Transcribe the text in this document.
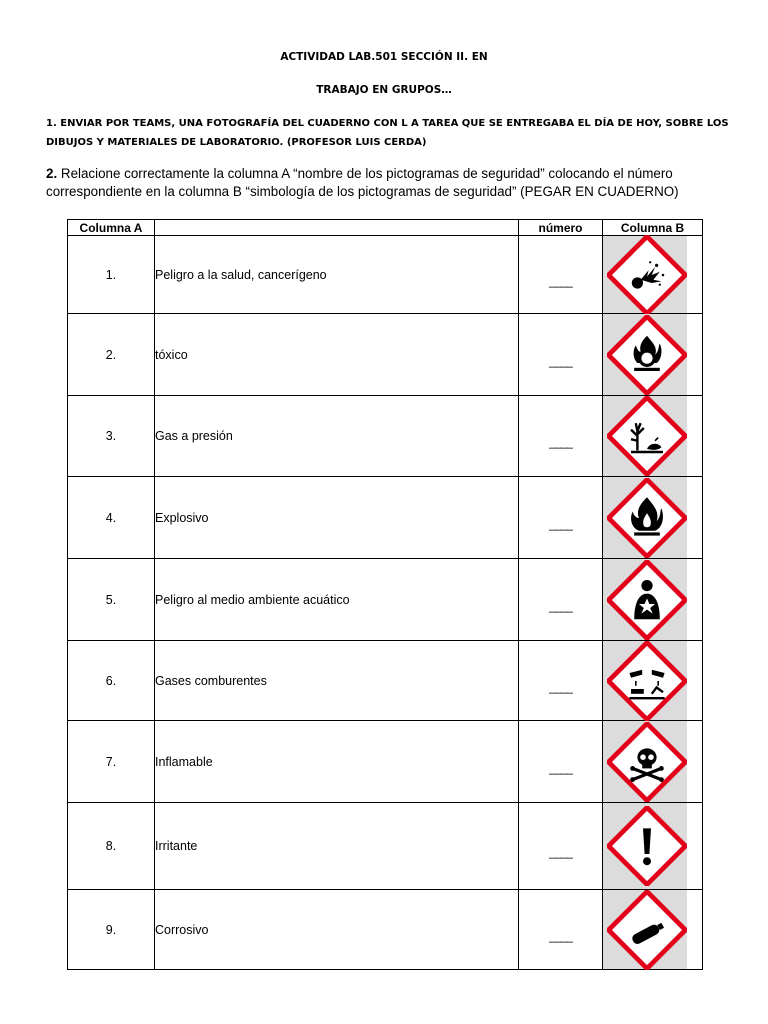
ACTIVIDAD LAB.501 SECCIÓN II. EN
TRABAJO EN GRUPOS…
1. ENVIAR POR TEAMS, UNA FOTOGRAFÍA DEL CUADERNO CON L A TAREA QUE SE ENTREGABA EL DÍA DE HOY, SOBRE LOS DIBUJOS Y MATERIALES DE LABORATORIO. (PROFESOR LUIS CERDA)
2. Relacione correctamente la columna A “nombre de los pictogramas de seguridad” colocando el número correspondiente en la columna B “simbología de los pictogramas de seguridad” (PEGAR EN CUADERNO)
Columna A		número	Columna B
1.	Peligro a la salud, cancerígeno	____	

2.	tóxico	____	

3.	Gas a presión	____	

4.	Explosivo	____	

5.	Peligro al medio ambiente acuático	____	

6.	Gases comburentes	____	

7.	Inflamable	____	

8.	Irritante	____	

9.	Corrosivo	____	
